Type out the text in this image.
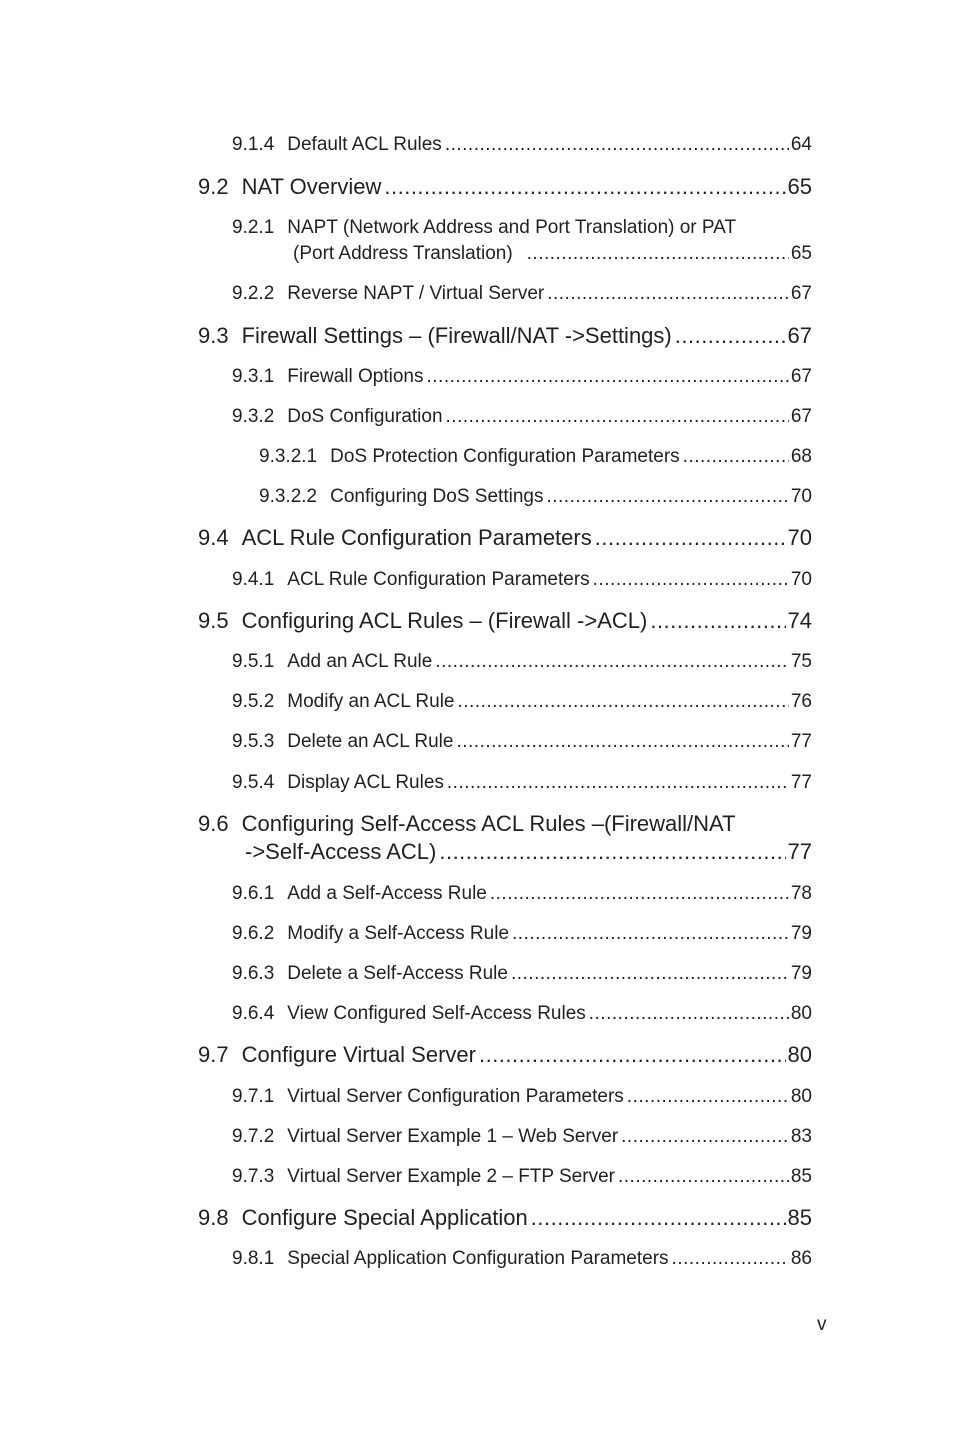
9.1.4 Default ACL Rules .....	64
9.2 NAT Overview .....	65
9.2.1 NAPT (Network Address and Port Translation) or PAT
(Port Address Translation) .....	65
9.2.2 Reverse NAPT / Virtual Server .....	67
9.3 Firewall Settings – (Firewall/NAT ->Settings) .....	67
9.3.1 Firewall Options .....	67
9.3.2 DoS Configuration .....	67
9.3.2.1 DoS Protection Configuration Parameters .....	68
9.3.2.2 Configuring DoS Settings .....	70
9.4 ACL Rule Configuration Parameters .....	70
9.4.1 ACL Rule Configuration Parameters .....	70
9.5 Configuring ACL Rules – (Firewall ->ACL) .....	74
9.5.1 Add an ACL Rule .....	75
9.5.2 Modify an ACL Rule .....	76
9.5.3 Delete an ACL Rule .....	77
9.5.4 Display ACL Rules .....	77
9.6 Configuring Self-Access ACL Rules –(Firewall/NAT
->Self-Access ACL) .....	77
9.6.1 Add a Self-Access Rule .....	78
9.6.2 Modify a Self-Access Rule .....	79
9.6.3 Delete a Self-Access Rule .....	79
9.6.4 View Configured Self-Access Rules .....	80
9.7 Configure Virtual Server .....	80
9.7.1 Virtual Server Configuration Parameters .....	80
9.7.2 Virtual Server Example 1 – Web Server .....	83
9.7.3 Virtual Server Example 2 – FTP Server .....	85
9.8 Configure Special Application .....	85
9.8.1 Special Application Configuration Parameters .....	86
v
